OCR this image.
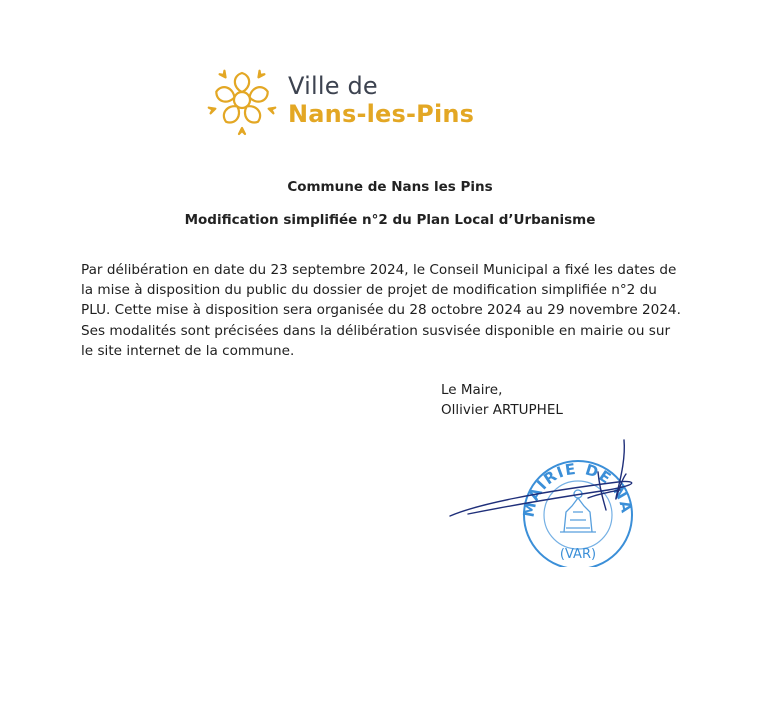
Ville de
Nans-les-Pins
Commune de Nans les Pins
Modification simplifiée n°2 du Plan Local d’Urbanisme
Par délibération en date du 23 septembre 2024, le Conseil Municipal a fixé les dates de la mise à disposition du public du dossier de projet de modification simplifiée n°2 du PLU. Cette mise à disposition sera organisée du 28 octobre 2024 au 29 novembre 2024. Ses modalités sont précisées dans la délibération susvisée disponible en mairie ou sur le site internet de la commune.
Le Maire,
Ollivier ARTUPHEL
MAIRIE DE NA
(VAR)
